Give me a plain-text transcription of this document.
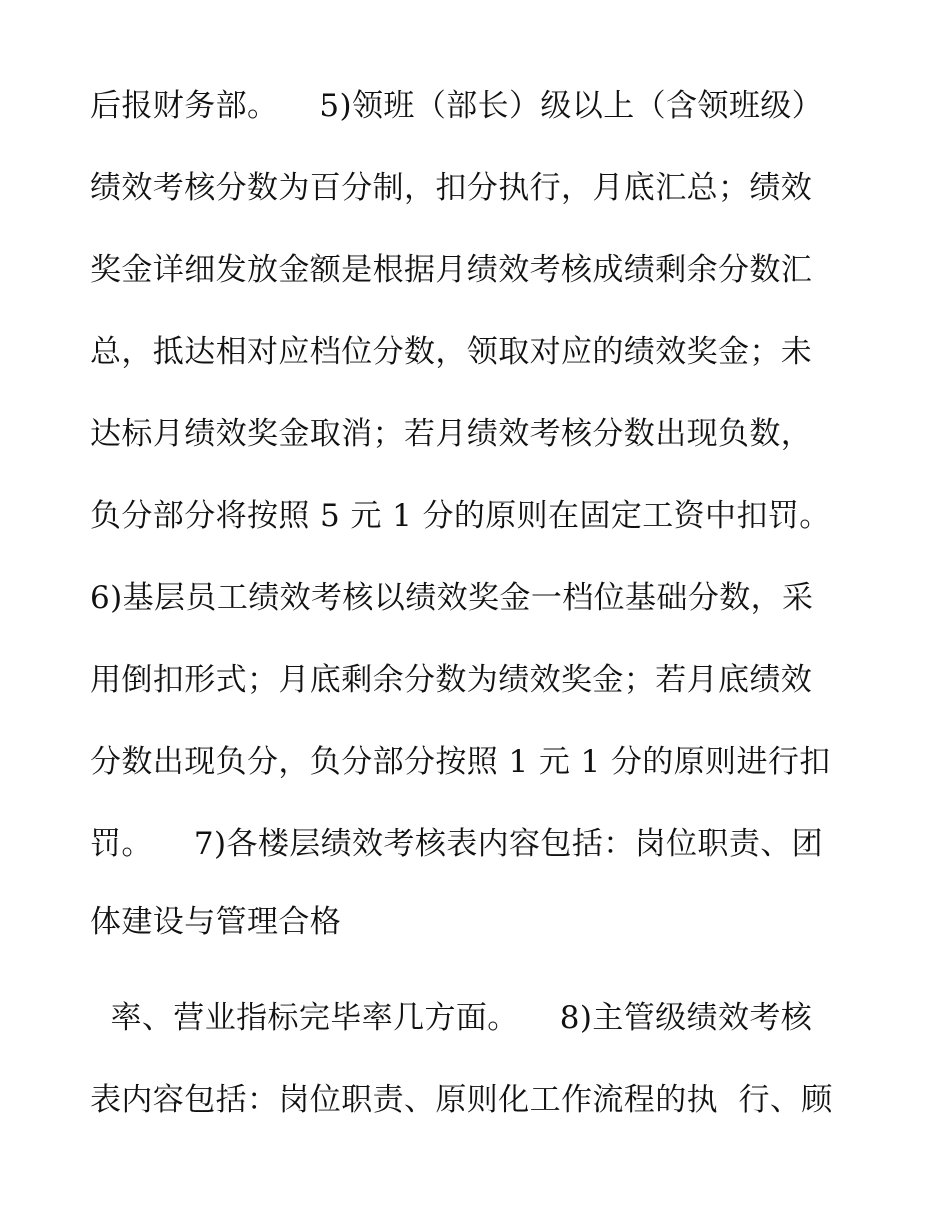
后报财务部。    5)领班（部长）级以上（含领班级）
绩效考核分数为百分制，扣分执行，月底汇总；绩效
奖金详细发放金额是根据月绩效考核成绩剩余分数汇
总，抵达相对应档位分数，领取对应的绩效奖金；未
达标月绩效奖金取消；若月绩效考核分数出现负数，
负分部分将按照 5 元 1 分的原则在固定工资中扣罚。
6)基层员工绩效考核以绩效奖金一档位基础分数，采
用倒扣形式；月底剩余分数为绩效奖金；若月底绩效
分数出现负分，负分部分按照 1 元 1 分的原则进行扣
罚。    7)各楼层绩效考核表内容包括：岗位职责、团
体建设与管理合格
率、营业指标完毕率几方面。    8)主管级绩效考核
表内容包括：岗位职责、原则化工作流程的执  行、顾
